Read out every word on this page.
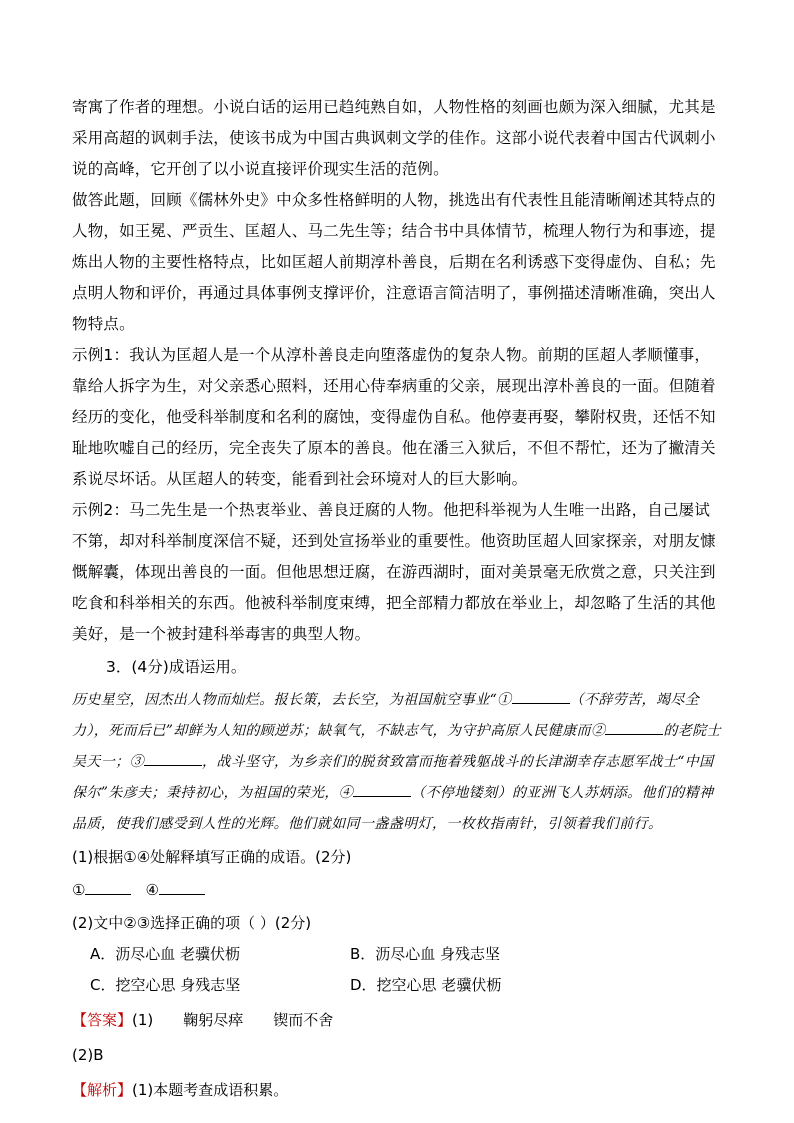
寄寓了作者的理想。小说白话的运用已趋纯熟自如，人物性格的刻画也颇为深入细腻，尤其是采用高超的讽刺手法，使该书成为中国古典讽刺文学的佳作。这部小说代表着中国古代讽刺小说的高峰，它开创了以小说直接评价现实生活的范例。

做答此题，回顾《儒林外史》中众多性格鲜明的人物，挑选出有代表性且能清晰阐述其特点的人物，如王冕、严贡生、匡超人、马二先生等；结合书中具体情节，梳理人物行为和事迹，提炼出人物的主要性格特点，比如匡超人前期淳朴善良，后期在名利诱惑下变得虚伪、自私；先点明人物和评价，再通过具体事例支撑评价，注意语言简洁明了，事例描述清晰准确，突出人物特点。

示例1：我认为匡超人是一个从淳朴善良走向堕落虚伪的复杂人物。前期的匡超人孝顺懂事，靠给人拆字为生，对父亲悉心照料，还用心侍奉病重的父亲，展现出淳朴善良的一面。但随着经历的变化，他受科举制度和名利的腐蚀，变得虚伪自私。他停妻再娶，攀附权贵，还恬不知耻地吹嘘自己的经历，完全丧失了原本的善良。他在潘三入狱后，不但不帮忙，还为了撇清关系说尽坏话。从匡超人的转变，能看到社会环境对人的巨大影响。

示例2：马二先生是一个热衷举业、善良迂腐的人物。他把科举视为人生唯一出路，自己屡试不第，却对科举制度深信不疑，还到处宣扬举业的重要性。他资助匡超人回家探亲，对朋友慷慨解囊，体现出善良的一面。但他思想迂腐，在游西湖时，面对美景毫无欣赏之意，只关注到吃食和科举相关的东西。他被科举制度束缚，把全部精力都放在举业上，却忽略了生活的其他美好，是一个被封建科举毒害的典型人物。

3．(4分)成语运用。

历史星空，因杰出人物而灿烂。报长策，去长空，为祖国航空事业“①	（不辞劳苦，竭尽全力），死而后已”却鲜为人知的顾逆苏；缺氧气，不缺志气，为守护高原人民健康而②	的老院士吴天一；③	，战斗坚守，为乡亲们的脱贫致富而拖着残躯战斗的长津湖幸存志愿军战士“中国保尔”朱彦夫；秉持初心，为祖国的荣光，④	（不停地镂刻）的亚洲飞人苏炳添。他们的精神品质，使我们感受到人性的光辉。他们就如同一盏盏明灯，一枚枚指南针，引领着我们前行。

(1)根据①④处解释填写正确的成语。(2分)

①	④

(2)文中②③选择正确的项（ ）(2分)

A．沥尽心血 老骥伏枥	B．沥尽心血 身残志坚
C．挖空心思 身残志坚	D．挖空心思 老骥伏枥

【答案】(1) 鞠躬尽瘁 锲而不舍

(2)B

【解析】(1)本题考查成语积累。
